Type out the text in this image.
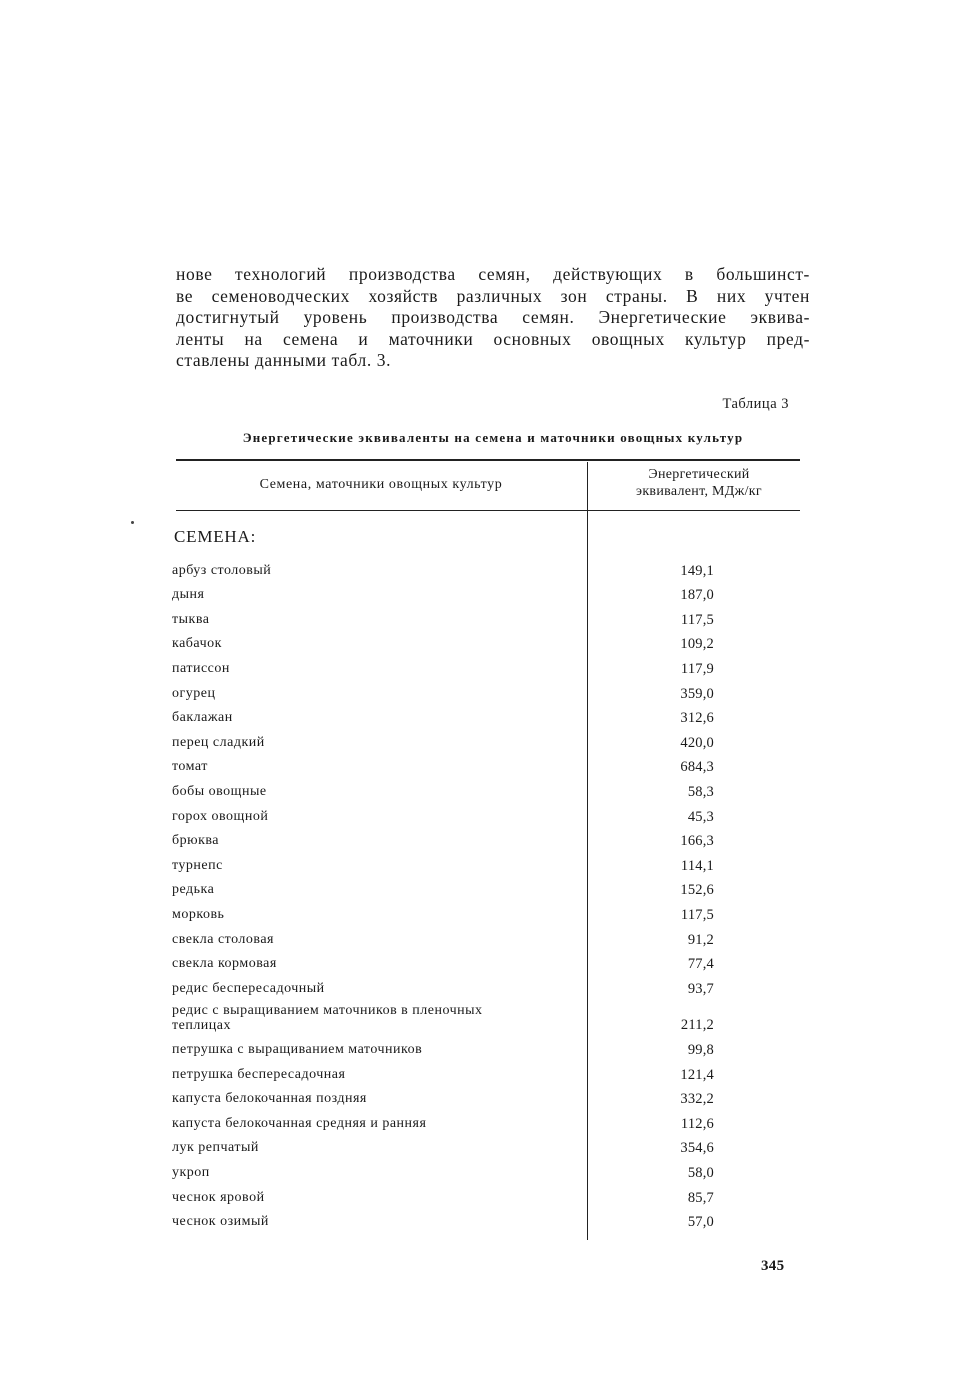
нове технологий производства семян, действующих в большинст-
ве семеноводческих хозяйств различных зон страны. В них учтен
достигнутый уровень производства семян. Энергетические эквива-
ленты на семена и маточники основных овощных культур пред-
ставлены данными табл. 3.
Таблица 3
Энергетические эквиваленты на семена и маточники овощных культур
Семена, маточники овощных культур
Энергетический
эквивалент, МДж/кг
СЕМЕНА:
арбуз столовый	149,1
дыня	187,0
тыква	117,5
кабачок	109,2
патиссон	117,9
огурец	359,0
баклажан	312,6
перец сладкий	420,0
томат	684,3
бобы овощные	58,3
горох овощной	45,3
брюква	166,3
турнепс	114,1
редька	152,6
морковь	117,5
свекла столовая	91,2
свекла кормовая	77,4
редис беспересадочный	93,7
редис с выращиванием маточников в пленочных
теплицах	211,2
петрушка с выращиванием маточников	99,8
петрушка беспересадочная	121,4
капуста белокочанная поздняя	332,2
капуста белокочанная средняя и ранняя	112,6
лук репчатый	354,6
укроп	58,0
чеснок яровой	85,7
чеснок озимый	57,0
345
